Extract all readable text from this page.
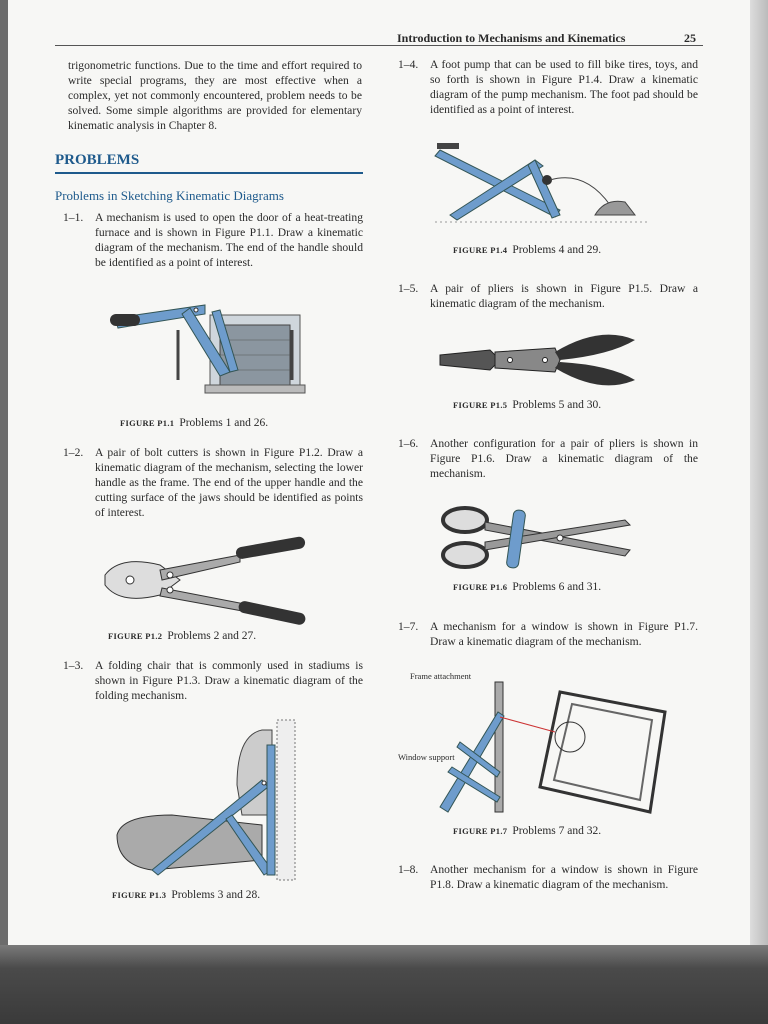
Introduction to Mechanisms and Kinematics	25

trigonometric functions. Due to the time and effort required to write special programs, they are most effective when a complex, yet not commonly encountered, problem needs to be solved. Some simple algorithms are provided for elementary kinematic analysis in Chapter 8.

PROBLEMS
Problems in Sketching Kinematic Diagrams
1–1. A mechanism is used to open the door of a heat-treating furnace and is shown in Figure P1.1. Draw a kinematic diagram of the mechanism. The end of the handle should be identified as a point of interest.
FIGURE P1.1 Problems 1 and 26.
1–2. A pair of bolt cutters is shown in Figure P1.2. Draw a kinematic diagram of the mechanism, selecting the lower handle as the frame. The end of the upper handle and the cutting surface of the jaws should be identified as points of interest.
FIGURE P1.2 Problems 2 and 27.
1–3. A folding chair that is commonly used in stadiums is shown in Figure P1.3. Draw a kinematic diagram of the folding mechanism.
FIGURE P1.3 Problems 3 and 28.
1–4. A foot pump that can be used to fill bike tires, toys, and so forth is shown in Figure P1.4. Draw a kinematic diagram of the pump mechanism. The foot pad should be identified as a point of interest.
FIGURE P1.4 Problems 4 and 29.
1–5. A pair of pliers is shown in Figure P1.5. Draw a kinematic diagram of the mechanism.
FIGURE P1.5 Problems 5 and 30.
1–6. Another configuration for a pair of pliers is shown in Figure P1.6. Draw a kinematic diagram of the mechanism.
FIGURE P1.6 Problems 6 and 31.
1–7. A mechanism for a window is shown in Figure P1.7. Draw a kinematic diagram of the mechanism.
Frame attachment
Window support
FIGURE P1.7 Problems 7 and 32.
1–8. Another mechanism for a window is shown in Figure P1.8. Draw a kinematic diagram of the mechanism.
